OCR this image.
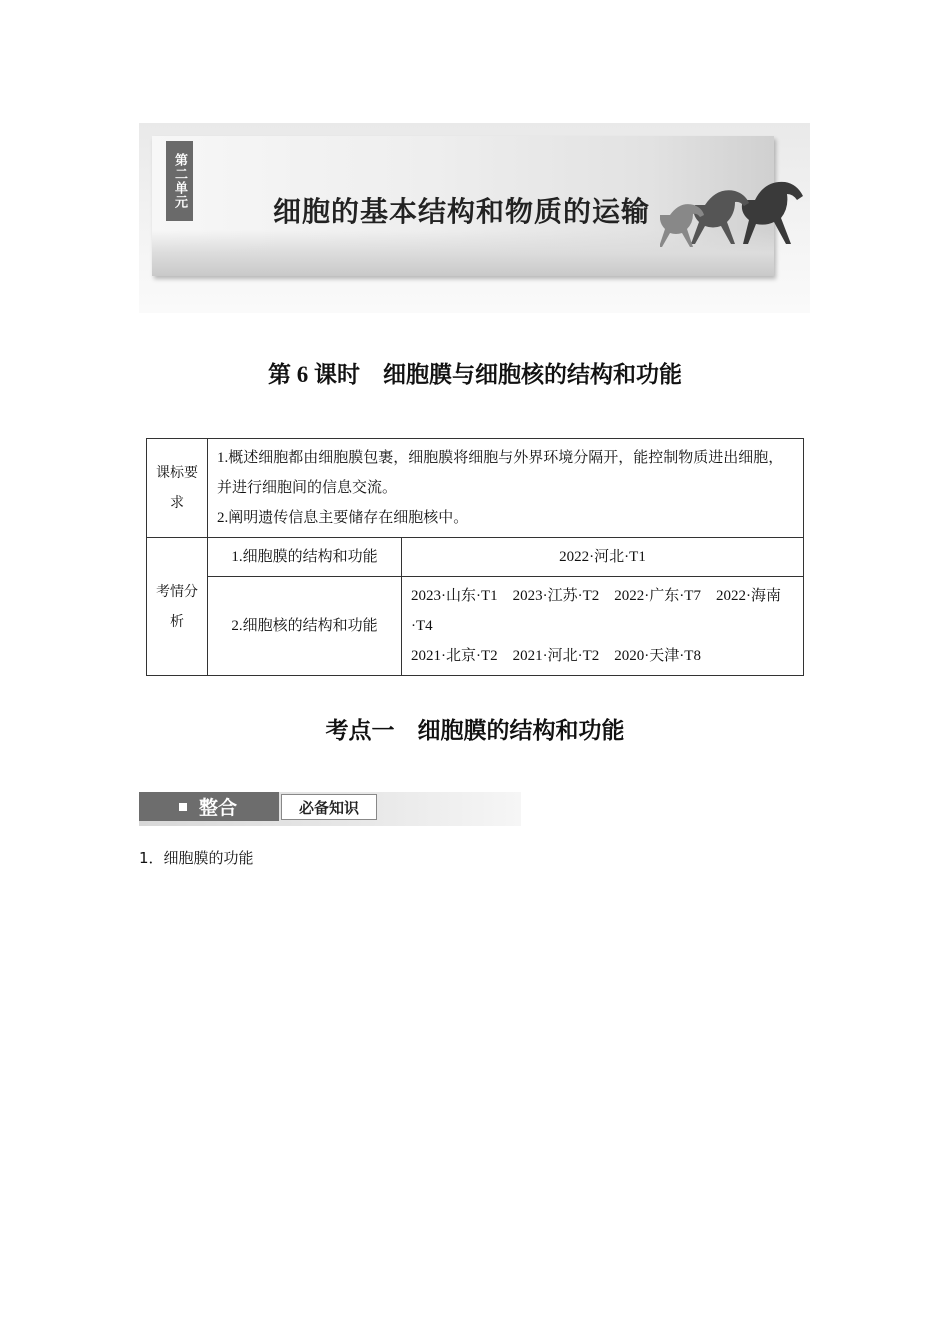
第二单元
细胞的基本结构和物质的运输
第 6 课时　细胞膜与细胞核的结构和功能
课标要求	1.概述细胞都由细胞膜包裹，细胞膜将细胞与外界环境分隔开，能控制物质进出细胞，并进行细胞间的信息交流。
2.阐明遗传信息主要储存在细胞核中。	

考情分析	1.细胞膜的结构和功能	2022·河北·T1
	2.细胞核的结构和功能	2023·山东·T1　2023·江苏·T2　2022·广东·T7　2022·海南·T4
2021·北京·T2　2021·河北·T2　2020·天津·T8
考点一　细胞膜的结构和功能
整合	必备知识
1．细胞膜的功能
